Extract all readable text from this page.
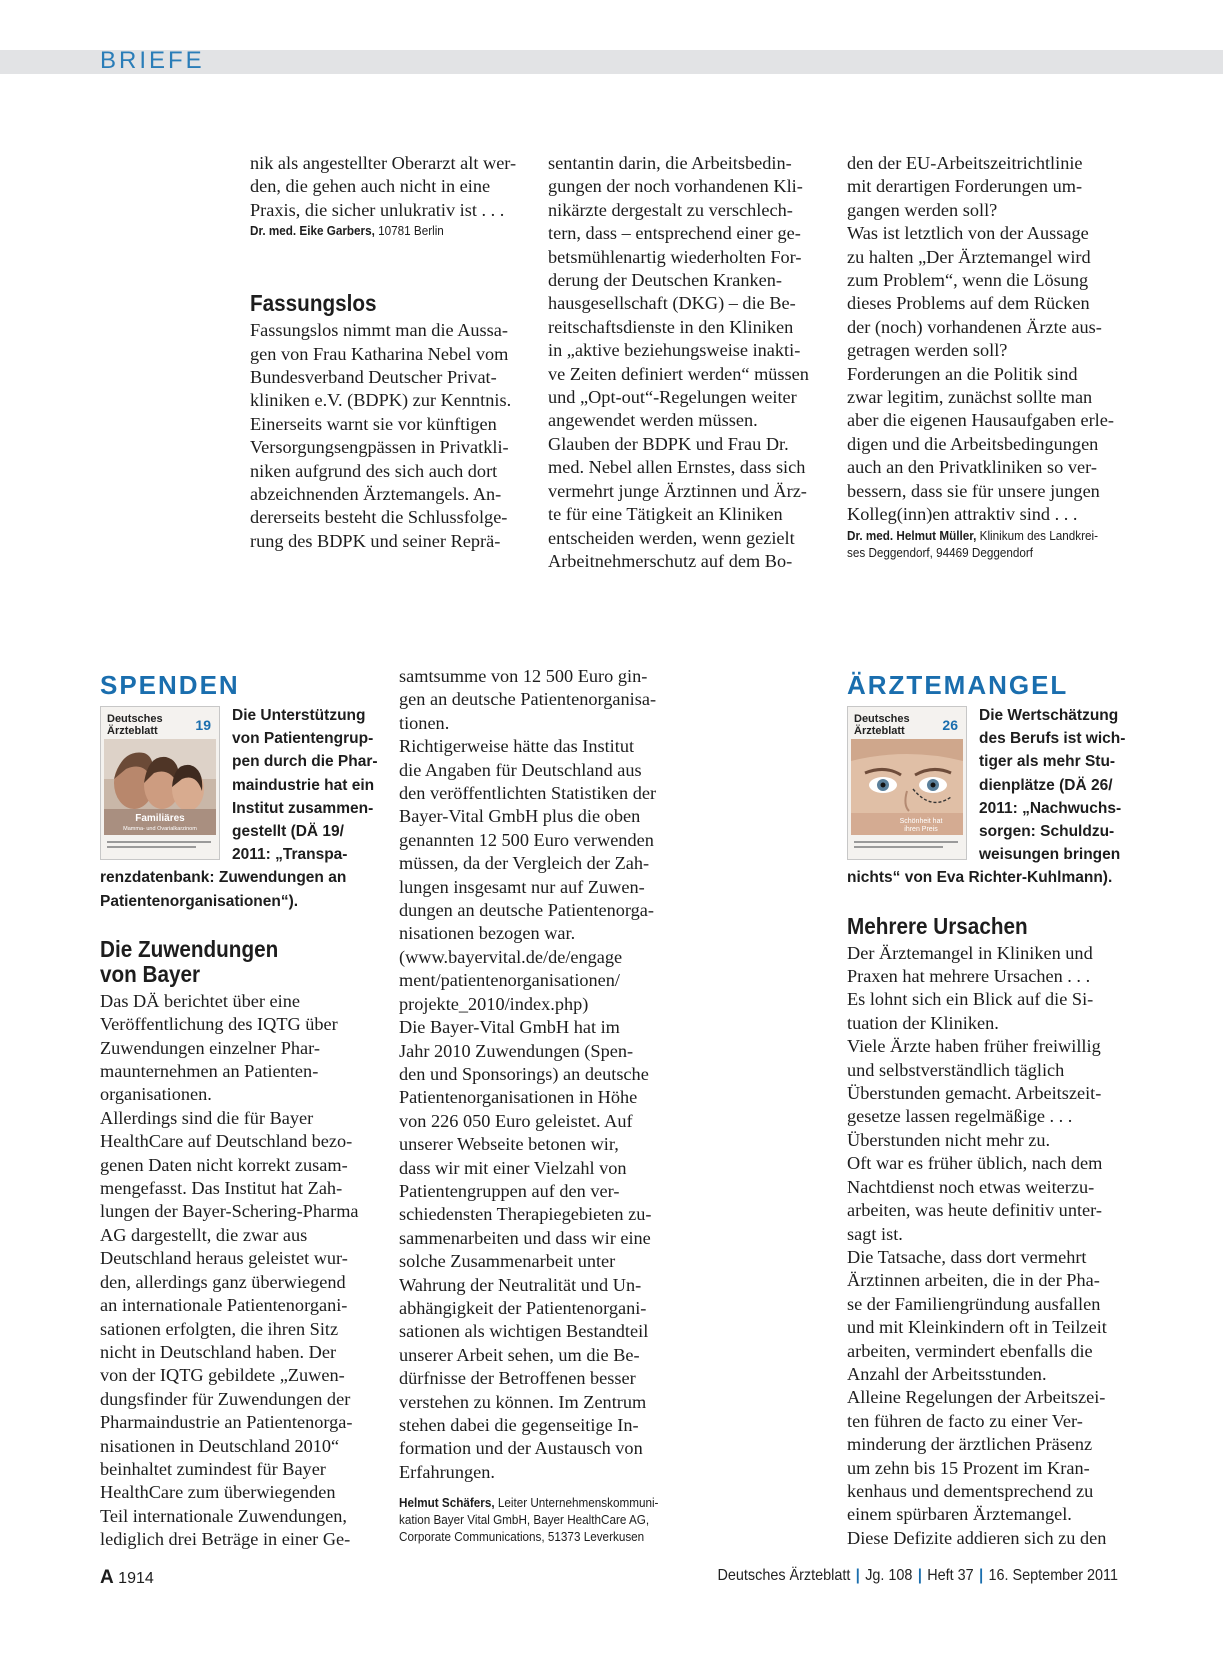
BRIEFE
nik als angestellter Oberarzt alt wer-
den, die gehen auch nicht in eine
Praxis, die sicher unlukrativ ist . . .

Dr. med. Eike Garbers, 10781 Berlin

Fassungslos
Fassungslos nimmt man die Aussa-
gen von Frau Katharina Nebel vom
Bundesverband Deutscher Privat-
kliniken e.V. (BDPK) zur Kenntnis.
Einerseits warnt sie vor künftigen
Versorgungsengpässen in Privatkli-
niken aufgrund des sich auch dort
abzeichnenden Ärztemangels. An-
dererseits besteht die Schlussfolge-
rung des BDPK und seiner Reprä-
sentantin darin, die Arbeitsbedin-
gungen der noch vorhandenen Kli-
nikärzte dergestalt zu verschlech-
tern, dass – entsprechend einer ge-
betsmühlenartig wiederholten For-
derung der Deutschen Kranken-
hausgesellschaft (DKG) – die Be-
reitschaftsdienste in den Kliniken
in „aktive beziehungsweise inakti-
ve Zeiten definiert werden“ müssen
und „Opt-out“-Regelungen weiter
angewendet werden müssen.
Glauben der BDPK und Frau Dr.
med. Nebel allen Ernstes, dass sich
vermehrt junge Ärztinnen und Ärz-
te für eine Tätigkeit an Kliniken
entscheiden werden, wenn gezielt
Arbeitnehmerschutz auf dem Bo-
den der EU-Arbeitszeitrichtlinie
mit derartigen Forderungen um-
gangen werden soll?
Was ist letztlich von der Aussage
zu halten „Der Ärztemangel wird
zum Problem“, wenn die Lösung
dieses Problems auf dem Rücken
der (noch) vorhandenen Ärzte aus-
getragen werden soll?
Forderungen an die Politik sind
zwar legitim, zunächst sollte man
aber die eigenen Hausaufgaben erle-
digen und die Arbeitsbedingungen
auch an den Privatkliniken so ver-
bessern, dass sie für unsere jungen
Kolleg(inn)en attraktiv sind . . .

Dr. med. Helmut Müller, Klinikum des Landkrei-
ses Deggendorf, 94469 Deggendorf

SPENDEN
Deutsches Ärzteblatt	19
Familiäres
Mamma- und Ovarialkarzinom
Die Unterstützung
von Patientengrup-
pen durch die Phar-
maindustrie hat ein
Institut zusammen-
gestellt (DÄ 19/
2011: „Transpa-
renzdatenbank: Zuwendungen an
Patientenorganisationen“).
Die Zuwendungen
von Bayer
Das DÄ berichtet über eine
Veröffentlichung des IQTG über
Zuwendungen einzelner Phar-
maunternehmen an Patienten-
organisationen.
Allerdings sind die für Bayer
HealthCare auf Deutschland bezo-
genen Daten nicht korrekt zusam-
mengefasst. Das Institut hat Zah-
lungen der Bayer-Schering-Pharma
AG dargestellt, die zwar aus
Deutschland heraus geleistet wur-
den, allerdings ganz überwiegend
an internationale Patientenorgani-
sationen erfolgten, die ihren Sitz
nicht in Deutschland haben. Der
von der IQTG gebildete „Zuwen-
dungsfinder für Zuwendungen der
Pharmaindustrie an Patientenorga-
nisationen in Deutschland 2010“
beinhaltet zumindest für Bayer
HealthCare zum überwiegenden
Teil internationale Zuwendungen,
lediglich drei Beträge in einer Ge-
samtsumme von 12 500 Euro gin-
gen an deutsche Patientenorganisa-
tionen.
Richtigerweise hätte das Institut
die Angaben für Deutschland aus
den veröffentlichten Statistiken der
Bayer-Vital GmbH plus die oben
genannten 12 500 Euro verwenden
müssen, da der Vergleich der Zah-
lungen insgesamt nur auf Zuwen-
dungen an deutsche Patientenorga-
nisationen bezogen war.
(www.bayervital.de/de/engage
ment/patientenorganisationen/
projekte_2010/index.php)
Die Bayer-Vital GmbH hat im
Jahr 2010 Zuwendungen (Spen-
den und Sponsorings) an deutsche
Patientenorganisationen in Höhe
von 226 050 Euro geleistet. Auf
unserer Webseite betonen wir,
dass wir mit einer Vielzahl von
Patientengruppen auf den ver-
schiedensten Therapiegebieten zu-
sammenarbeiten und dass wir eine
solche Zusammenarbeit unter
Wahrung der Neutralität und Un-
abhängigkeit der Patientenorgani-
sationen als wichtigen Bestandteil
unserer Arbeit sehen, um die Be-
dürfnisse der Betroffenen besser
verstehen zu können. Im Zentrum
stehen dabei die gegenseitige In-
formation und der Austausch von
Erfahrungen.

Helmut Schäfers, Leiter Unternehmenskommuni-
kation Bayer Vital GmbH, Bayer HealthCare AG,
Corporate Communications, 51373 Leverkusen

ÄRZTEMANGEL
Deutsches Ärzteblatt	26
Schönheit hat
ihren Preis
Die Wertschätzung
des Berufs ist wich-
tiger als mehr Stu-
dienplätze (DÄ 26/
2011: „Nachwuchs-
sorgen: Schuldzu-
weisungen bringen
nichts“ von Eva Richter-Kuhlmann).
Mehrere Ursachen
Der Ärztemangel in Kliniken und
Praxen hat mehrere Ursachen . . .
Es lohnt sich ein Blick auf die Si-
tuation der Kliniken.
Viele Ärzte haben früher freiwillig
und selbstverständlich täglich
Überstunden gemacht. Arbeitszeit-
gesetze lassen regelmäßige . . .
Überstunden nicht mehr zu.
Oft war es früher üblich, nach dem
Nachtdienst noch etwas weiterzu-
arbeiten, was heute definitiv unter-
sagt ist.
Die Tatsache, dass dort vermehrt
Ärztinnen arbeiten, die in der Pha-
se der Familiengründung ausfallen
und mit Kleinkindern oft in Teilzeit
arbeiten, vermindert ebenfalls die
Anzahl der Arbeitsstunden.
Alleine Regelungen der Arbeitszei-
ten führen de facto zu einer Ver-
minderung der ärztlichen Präsenz
um zehn bis 15 Prozent im Kran-
kenhaus und dementsprechend zu
einem spürbaren Ärztemangel.
Diese Defizite addieren sich zu den
A 1914	Deutsches Ärzteblatt | Jg. 108 | Heft 37 | 16. September 2011
